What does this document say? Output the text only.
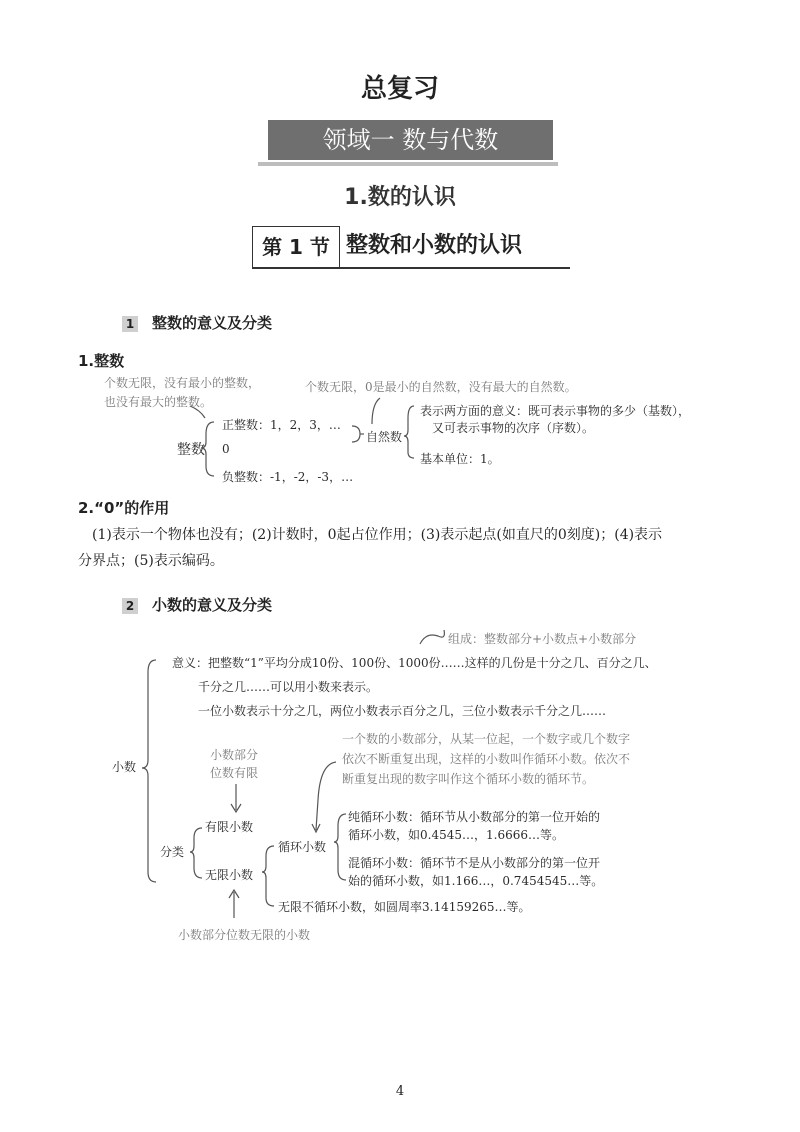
总复习
领域一 数与代数
1.数的认识
第 1 节 整数和小数的认识
1 整数的意义及分类
1.整数
个数无限，没有最小的整数，
也没有最大的整数。
个数无限，0是最小的自然数，没有最大的自然数。
整数
正整数：1，2，3，…
0
负整数：-1，-2，-3，…
自然数
表示两方面的意义：既可表示事物的多少（基数），
又可表示事物的次序（序数）。
基本单位：1。
2.“0”的作用
(1)表示一个物体也没有；(2)计数时，0起占位作用；(3)表示起点(如直尺的0刻度)；(4)表示
分界点；(5)表示编码。
2 小数的意义及分类
组成：整数部分+小数点+小数部分
意义：把整数“1”平均分成10份、100份、1000份……这样的几份是十分之几、百分之几、
千分之几……可以用小数来表示。
一位小数表示十分之几，两位小数表示百分之几，三位小数表示千分之几……
小数
分类
小数部分
位数有限
有限小数
无限小数
小数部分位数无限的小数
循环小数
一个数的小数部分，从某一位起，一个数字或几个数字
依次不断重复出现，这样的小数叫作循环小数。依次不
断重复出现的数字叫作这个循环小数的循环节。
纯循环小数：循环节从小数部分的第一位开始的
循环小数，如0.4545…，1.6666…等。
混循环小数：循环节不是从小数部分的第一位开
始的循环小数，如1.166…，0.7454545…等。
无限不循环小数，如圆周率3.14159265…等。
4
